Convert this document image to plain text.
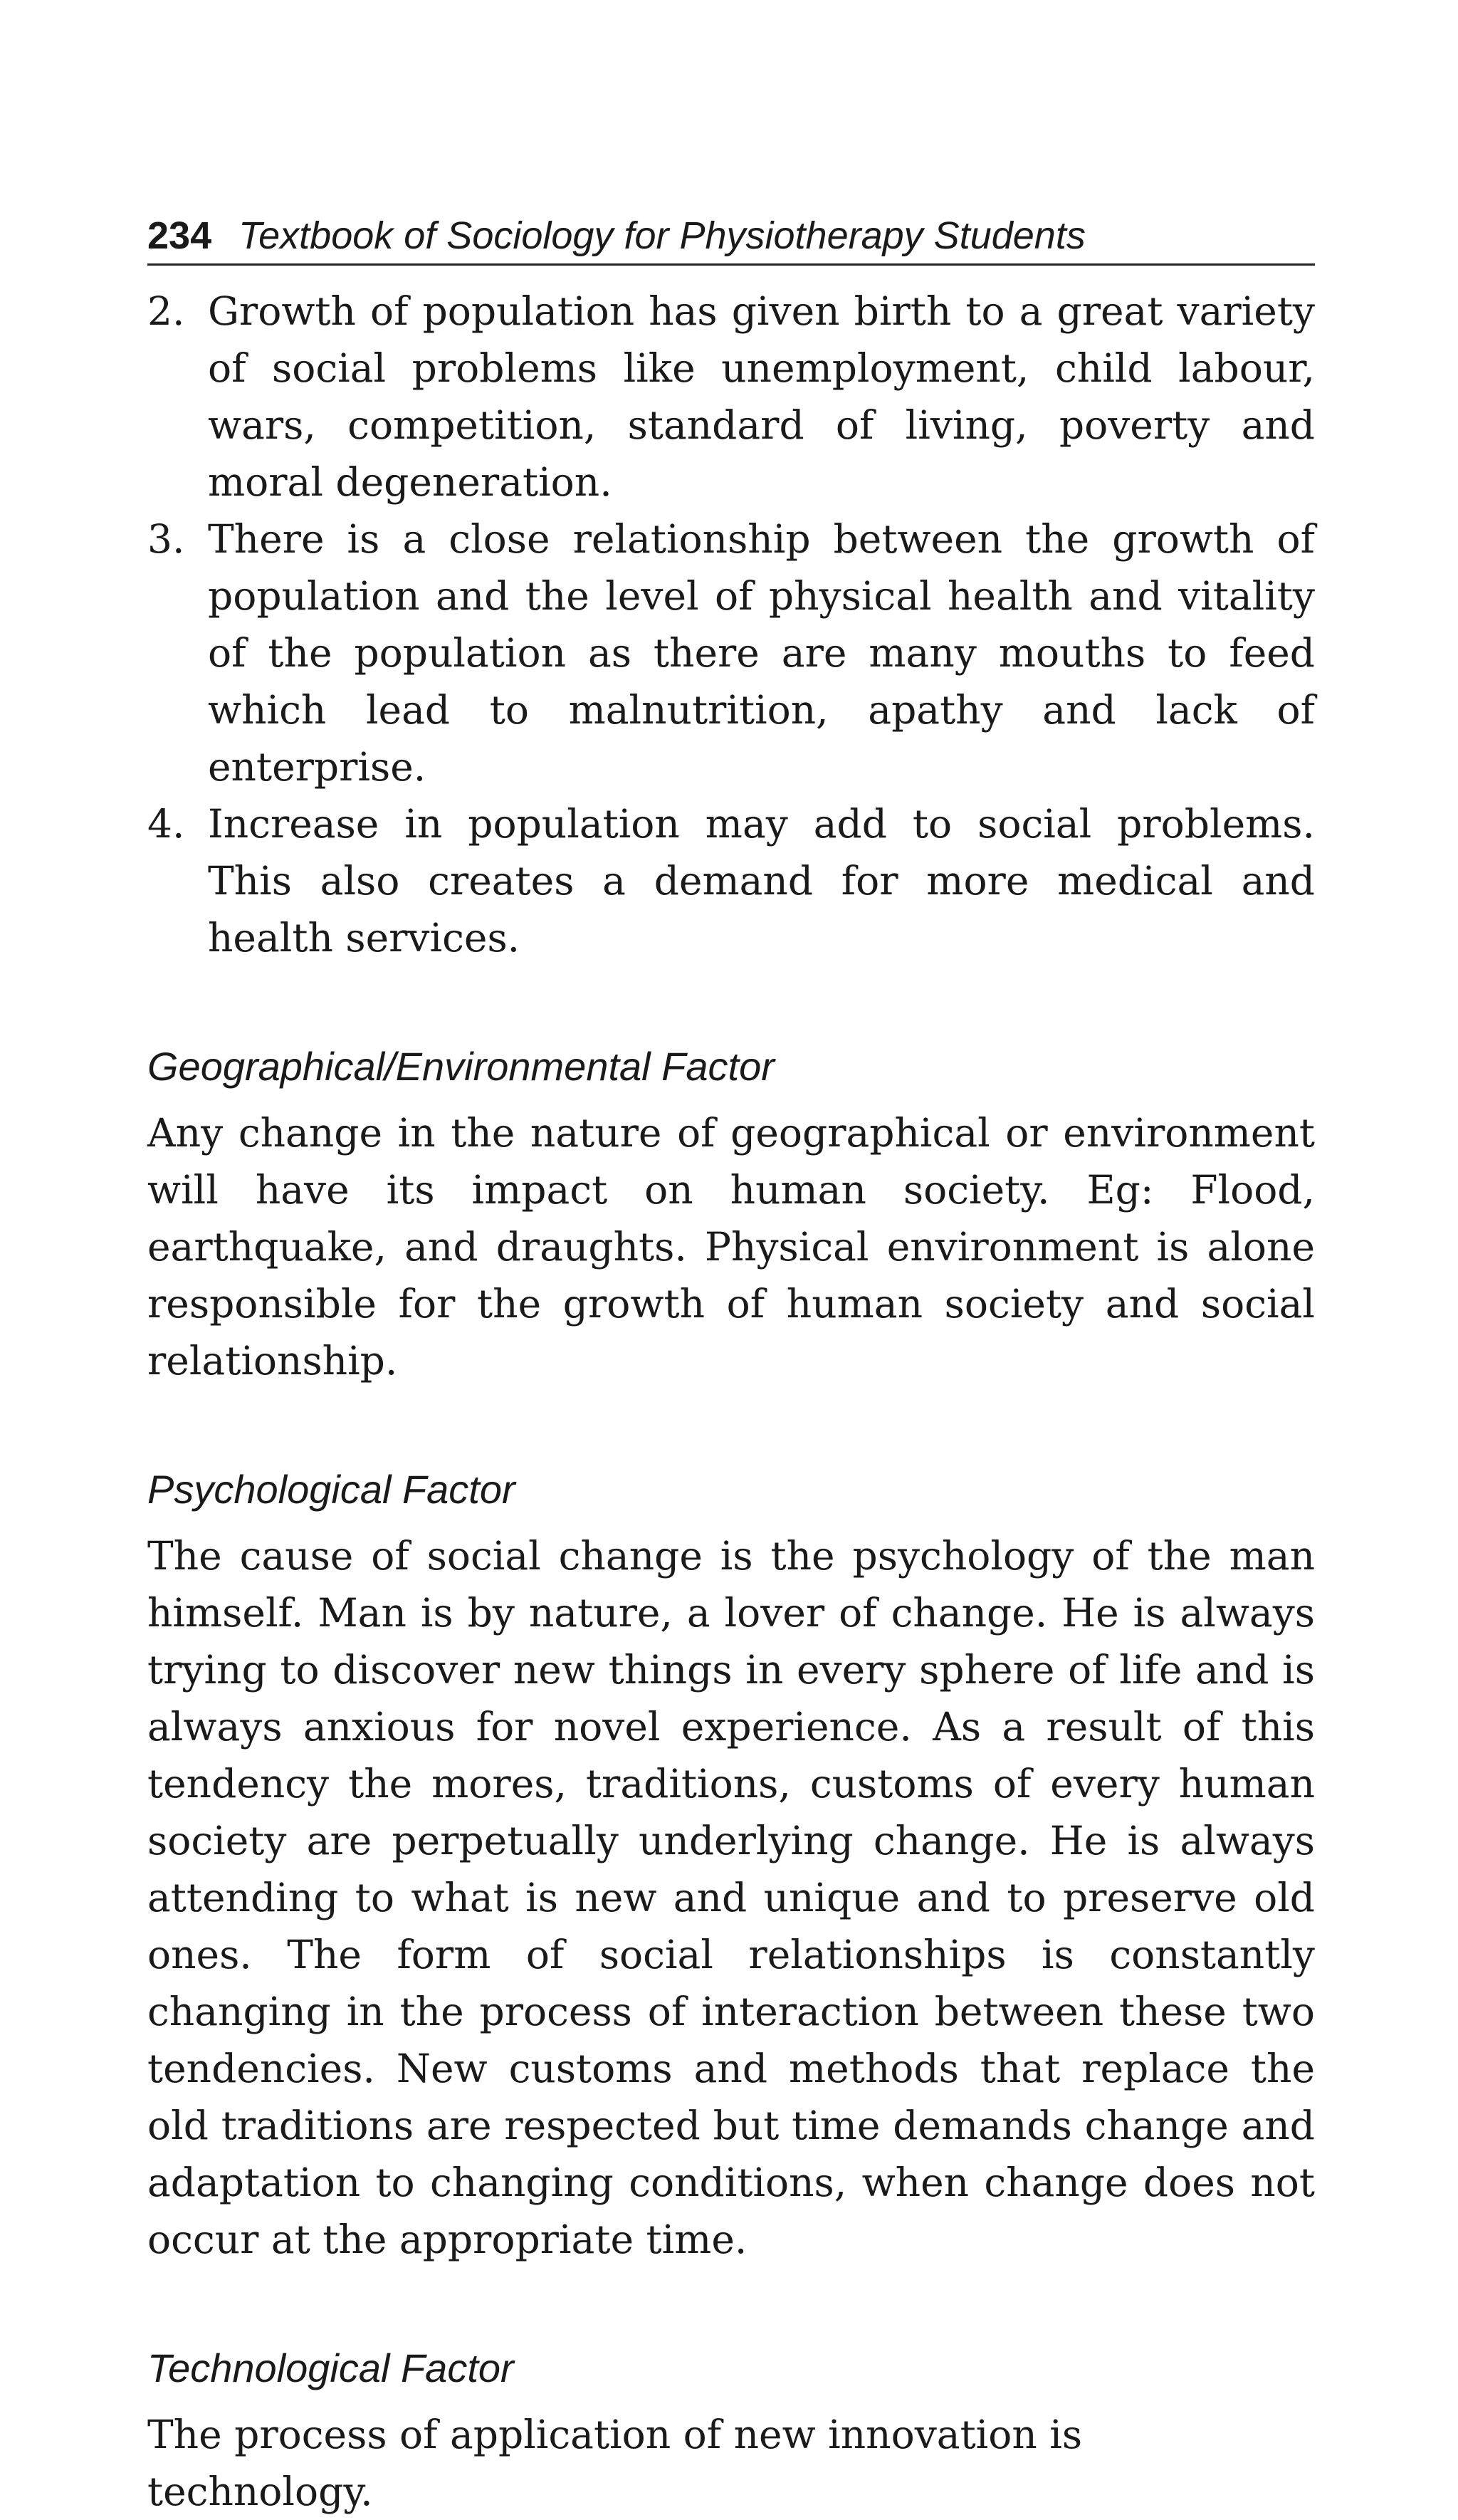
234 Textbook of Sociology for Physiotherapy Students
2. Growth of population has given birth to a great variety of social problems like unemployment, child labour, wars, competition, standard of living, poverty and moral degeneration.

3. There is a close relationship between the growth of population and the level of physical health and vitality of the population as there are many mouths to feed which lead to malnutrition, apathy and lack of enterprise.

4. Increase in population may add to social problems. This also creates a demand for more medical and health services.

Geographical/Environmental Factor

Any change in the nature of geographical or environment will have its impact on human society. Eg: Flood, earthquake, and draughts. Physical environment is alone responsible for the growth of human society and social relationship.

Psychological Factor

The cause of social change is the psychology of the man himself. Man is by nature, a lover of change. He is always trying to discover new things in every sphere of life and is always anxious for novel experience. As a result of this tendency the mores, traditions, customs of every human society are perpetually underlying change. He is always attending to what is new and unique and to preserve old ones. The form of social relationships is constantly changing in the process of interaction between these two tendencies. New customs and methods that replace the old traditions are respected but time demands change and adaptation to changing conditions, when change does not occur at the appropriate time.

Technological Factor

The process of application of new innovation is technology.
